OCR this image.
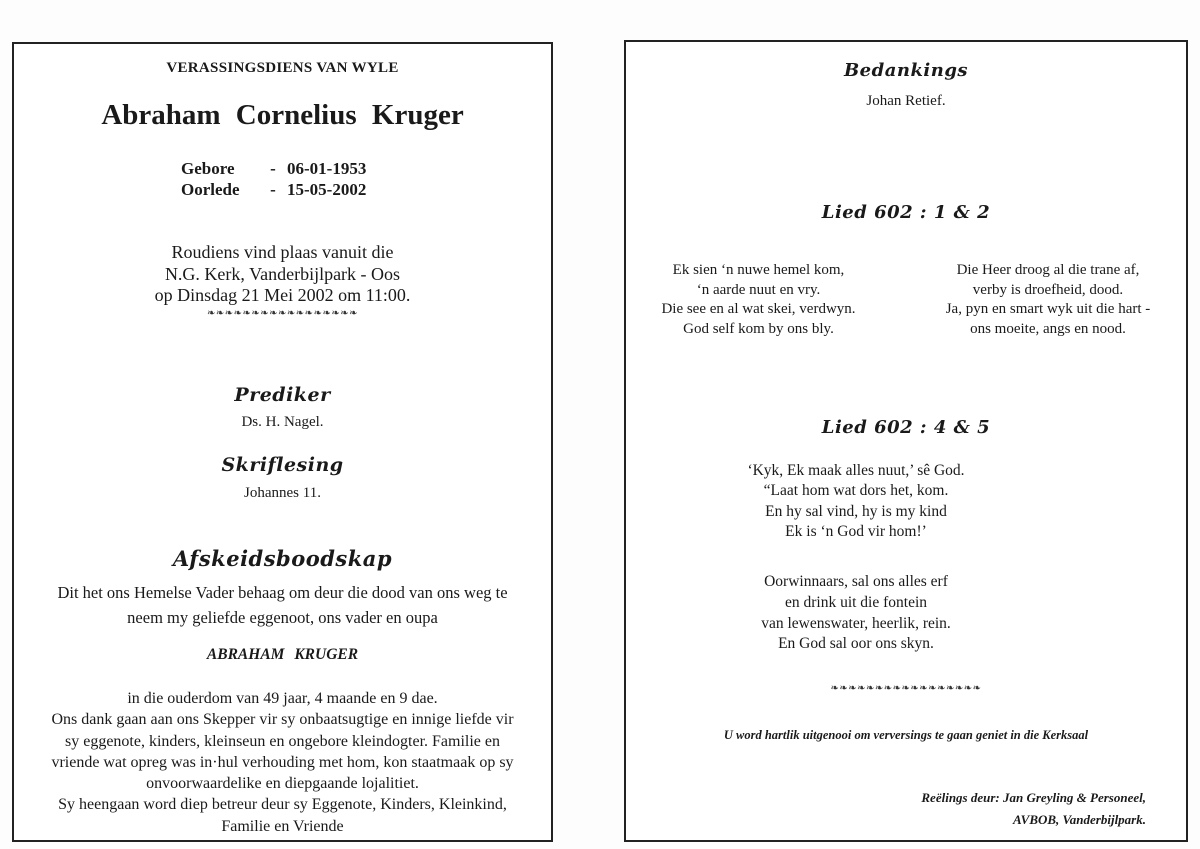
VERASSINGSDIENS VAN WYLE
Abraham Cornelius Kruger
Gebore - 06-01-1953
Oorlede - 15-05-2002
Roudiens vind plaas vanuit die
N.G. Kerk, Vanderbijlpark - Oos
op Dinsdag 21 Mei 2002 om 11:00.
❧❧❧❧❧❧❧❧❧❧❧❧❧❧❧❧❧
Prediker
Ds. H. Nagel.
Skriflesing
Johannes 11.
Afskeidsboodskap
Dit het ons Hemelse Vader behaag om deur die dood van ons weg te
neem my geliefde eggenoot, ons vader en oupa
ABRAHAM KRUGER
in die ouderdom van 49 jaar, 4 maande en 9 dae.
Ons dank gaan aan ons Skepper vir sy onbaatsugtige en innige liefde vir
sy eggenote, kinders, kleinseun en ongebore kleindogter. Familie en
vriende wat opreg was in·hul verhouding met hom, kon staatmaak op sy
onvoorwaardelike en diepgaande lojalitiet.
Sy heengaan word diep betreur deur sy Eggenote, Kinders, Kleinkind,
Familie en Vriende
Bedankings
Johan Retief.
Lied 602 : 1 & 2
Ek sien ‘n nuwe hemel kom,
‘n aarde nuut en vry.
Die see en al wat skei, verdwyn.
God self kom by ons bly.
Die Heer droog al die trane af,
verby is droefheid, dood.
Ja, pyn en smart wyk uit die hart -
ons moeite, angs en nood.
Lied 602 : 4 & 5
‘Kyk, Ek maak alles nuut,’ sê God.
“Laat hom wat dors het, kom.
En hy sal vind, hy is my kind
Ek is ‘n God vir hom!’
Oorwinnaars, sal ons alles erf
en drink uit die fontein
van lewenswater, heerlik, rein.
En God sal oor ons skyn.
❧❧❧❧❧❧❧❧❧❧❧❧❧❧❧❧❧
U word hartlik uitgenooi om verversings te gaan geniet in die Kerksaal
Reëlings deur: Jan Greyling & Personeel,
AVBOB, Vanderbijlpark.
